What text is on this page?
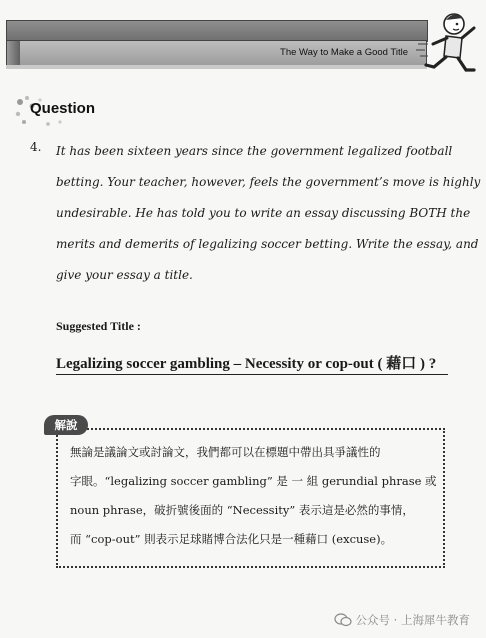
The Way to Make a Good Title
Question
4. It has been sixteen years since the government legalized football
betting. Your teacher, however, feels the government’s move is highly
undesirable. He has told you to write an essay discussing BOTH the
merits and demerits of legalizing soccer betting. Write the essay, and
give your essay a title.
Suggested Title :
Legalizing soccer gambling – Necessity or cop-out ( 藉口 ) ?
解說
無論是議論文或討論文，我們都可以在標題中帶出具爭議性的
字眼。“legalizing soccer gambling” 是 一 組 gerundial phrase 或
noun phrase，破折號後面的 “Necessity” 表示這是必然的事情，
而 “cop-out” 則表示足球賭博合法化只是一種藉口 (excuse)。
公众号 · 上海犀牛教育
